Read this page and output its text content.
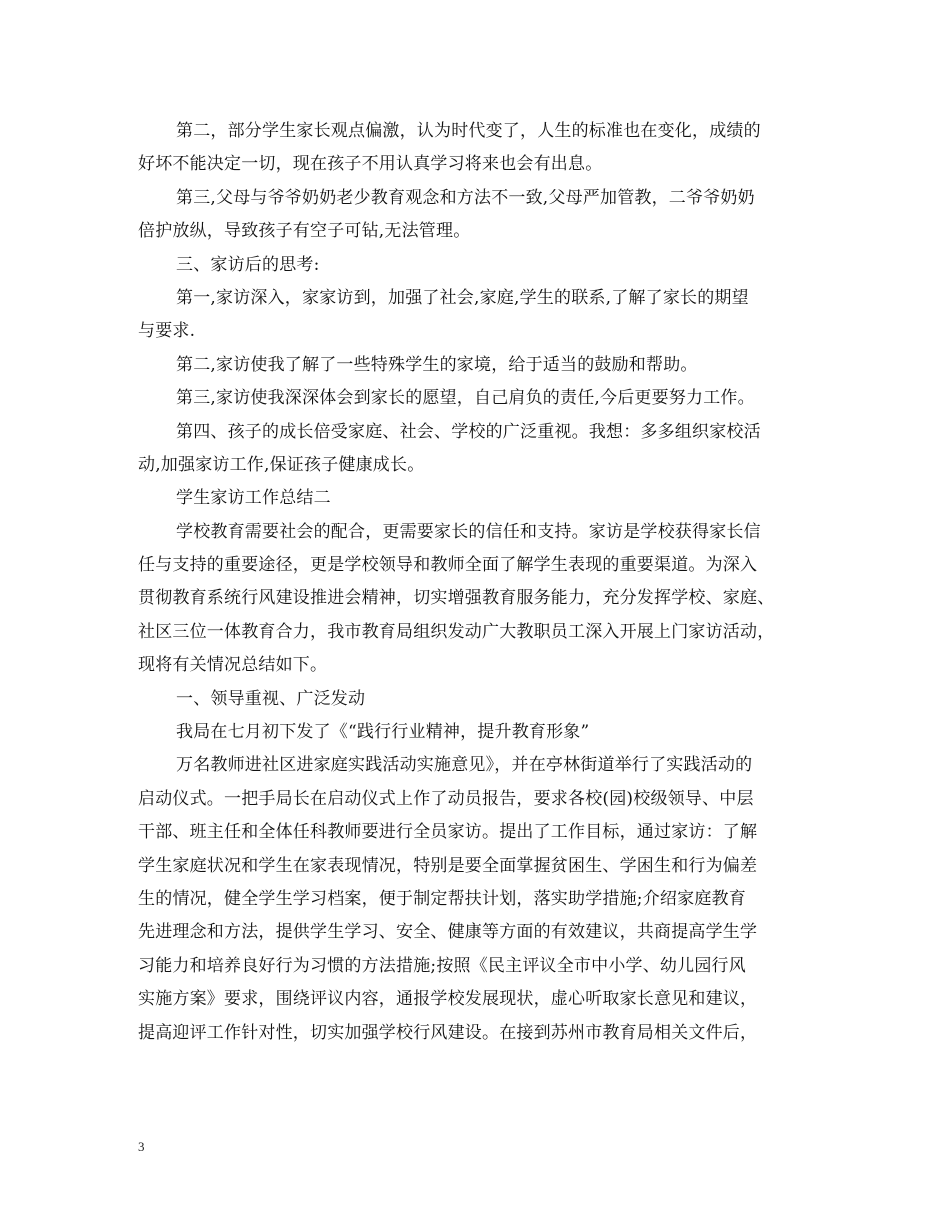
第二，部分学生家长观点偏激，认为时代变了，人生的标准也在变化，成绩的
好坏不能决定一切，现在孩子不用认真学习将来也会有出息。
第三,父母与爷爷奶奶老少教育观念和方法不一致,父母严加管教，二爷爷奶奶
倍护放纵，导致孩子有空子可钻,无法管理。
三、家访后的思考:
第一,家访深入，家家访到，加强了社会,家庭,学生的联系,了解了家长的期望
与要求.
第二,家访使我了解了一些特殊学生的家境，给于适当的鼓励和帮助。
第三,家访使我深深体会到家长的愿望，自己肩负的责任,今后更要努力工作。
第四、孩子的成长倍受家庭、社会、学校的广泛重视。我想：多多组织家校活
动,加强家访工作,保证孩子健康成长。
学生家访工作总结二
学校教育需要社会的配合，更需要家长的信任和支持。家访是学校获得家长信
任与支持的重要途径，更是学校领导和教师全面了解学生表现的重要渠道。为深入
贯彻教育系统行风建设推进会精神，切实增强教育服务能力，充分发挥学校、家庭、
社区三位一体教育合力，我市教育局组织发动广大教职员工深入开展上门家访活动，
现将有关情况总结如下。
一、领导重视、广泛发动
我局在七月初下发了《“践行行业精神，提升教育形象”
万名教师进社区进家庭实践活动实施意见》，并在亭林街道举行了实践活动的
启动仪式。一把手局长在启动仪式上作了动员报告，要求各校(园)校级领导、中层
干部、班主任和全体任科教师要进行全员家访。提出了工作目标，通过家访：了解
学生家庭状况和学生在家表现情况，特别是要全面掌握贫困生、学困生和行为偏差
生的情况，健全学生学习档案，便于制定帮扶计划，落实助学措施;介绍家庭教育
先进理念和方法，提供学生学习、安全、健康等方面的有效建议，共商提高学生学
习能力和培养良好行为习惯的方法措施;按照《民主评议全市中小学、幼儿园行风
实施方案》要求，围绕评议内容，通报学校发展现状，虚心听取家长意见和建议，
提高迎评工作针对性，切实加强学校行风建设。在接到苏州市教育局相关文件后，
3
